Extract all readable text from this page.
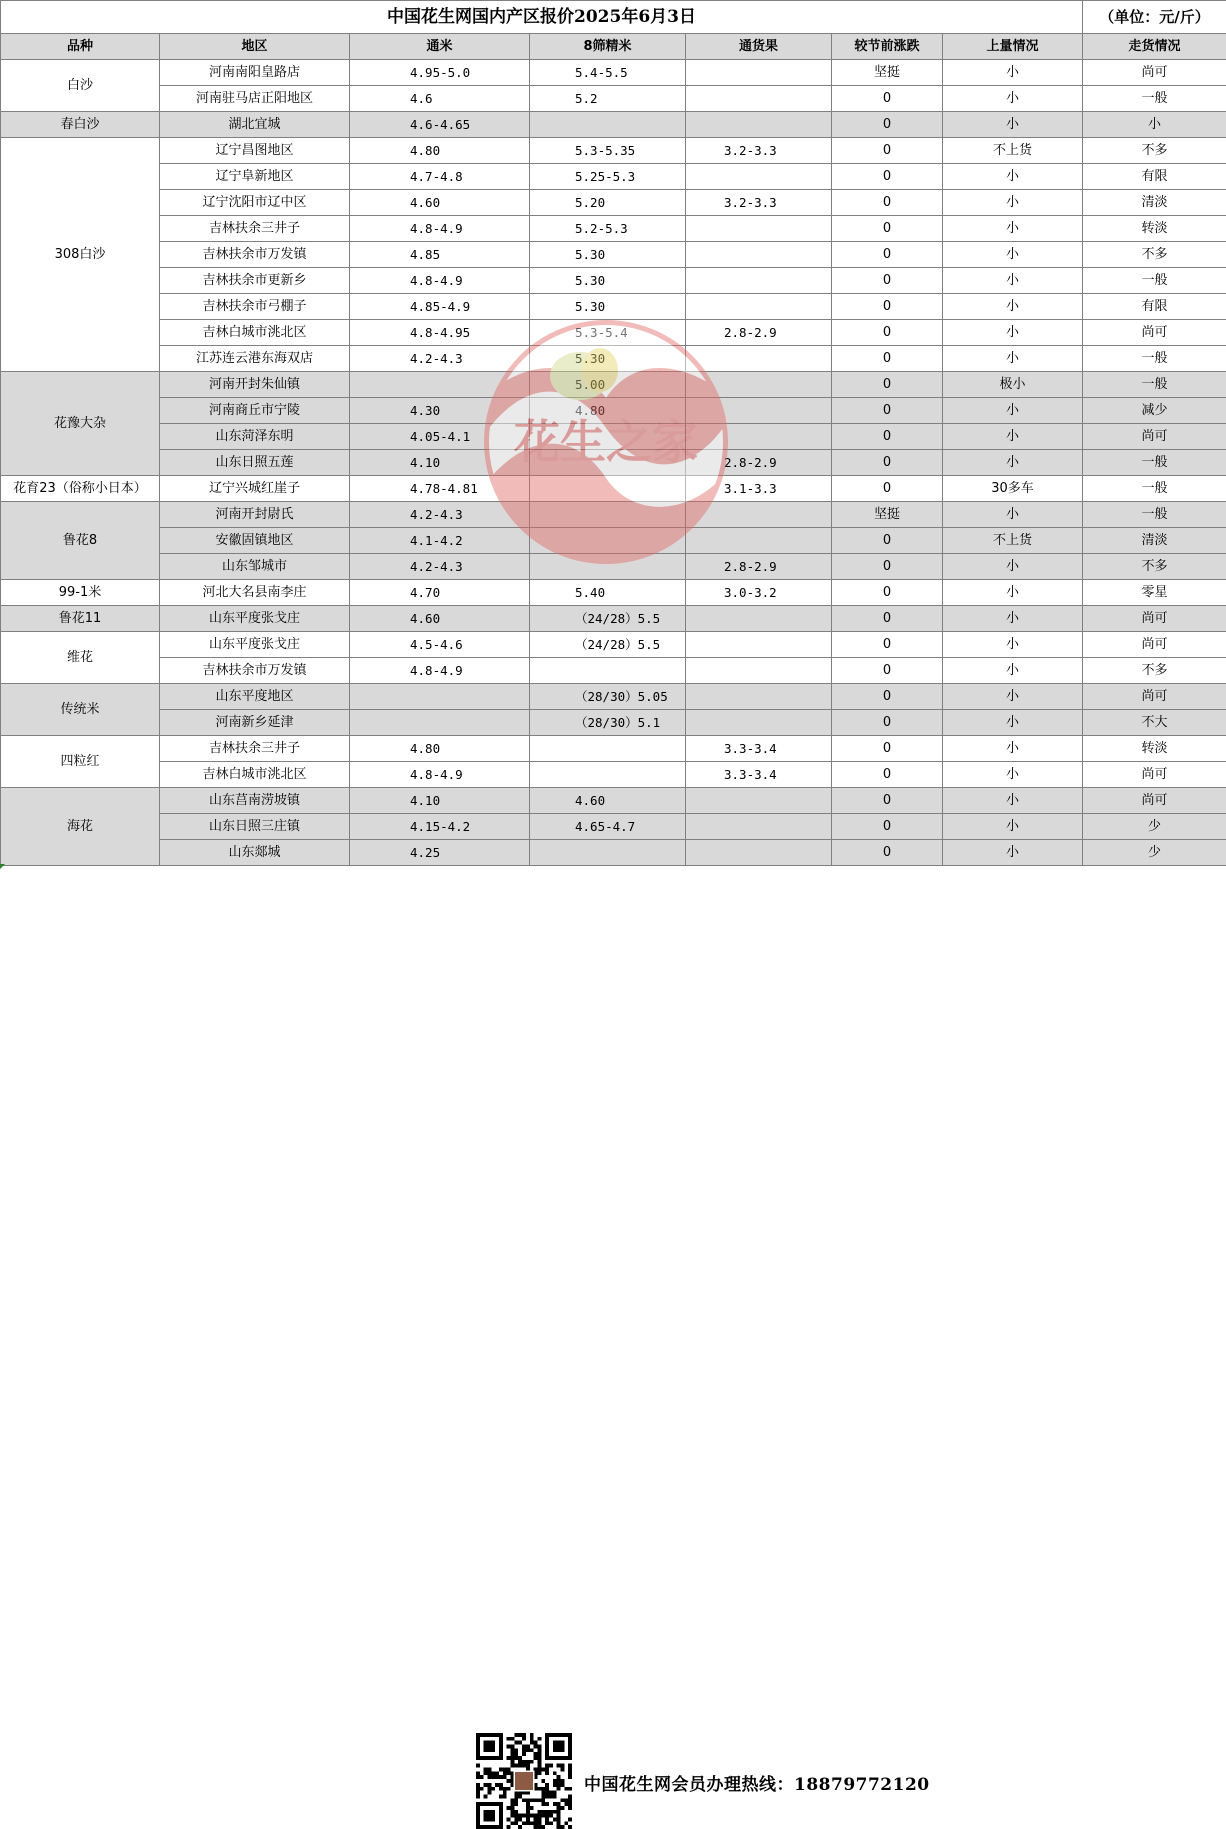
中国花生网国内产区报价2025年6月3日							（单位：元/斤）
品种	地区	通米	8筛精米	通货果	较节前涨跌	上量情况	走货情况
白沙	河南南阳皇路店	4.95-5.0	5.4-5.5		坚挺	小	尚可
	河南驻马店正阳地区	4.6	5.2		0	小	一般
春白沙	湖北宜城	4.6-4.65			0	小	小
308白沙	辽宁昌图地区	4.80	5.3-5.35	3.2-3.3	0	不上货	不多
	辽宁阜新地区	4.7-4.8	5.25-5.3		0	小	有限
	辽宁沈阳市辽中区	4.60	5.20	3.2-3.3	0	小	清淡
	吉林扶余三井子	4.8-4.9	5.2-5.3		0	小	转淡
	吉林扶余市万发镇	4.85	5.30		0	小	不多
	吉林扶余市更新乡	4.8-4.9	5.30		0	小	一般
	吉林扶余市弓棚子	4.85-4.9	5.30		0	小	有限
	吉林白城市洮北区	4.8-4.95	5.3-5.4	2.8-2.9	0	小	尚可
	江苏连云港东海双店	4.2-4.3	5.30		0	小	一般
花豫大杂	河南开封朱仙镇		5.00		0	极小	一般
	河南商丘市宁陵	4.30	4.80		0	小	减少
	山东菏泽东明	4.05-4.1			0	小	尚可
	山东日照五莲	4.10		2.8-2.9	0	小	一般
花育23（俗称小日本）	辽宁兴城红崖子	4.78-4.81		3.1-3.3	0	30多车	一般
鲁花8	河南开封尉氏	4.2-4.3			坚挺	小	一般
	安徽固镇地区	4.1-4.2			0	不上货	清淡
	山东邹城市	4.2-4.3		2.8-2.9	0	小	不多
99-1米	河北大名县南李庄	4.70	5.40	3.0-3.2	0	小	零星
鲁花11	山东平度张戈庄	4.60	（24/28）5.5		0	小	尚可
维花	山东平度张戈庄	4.5-4.6	（24/28）5.5		0	小	尚可
	吉林扶余市万发镇	4.8-4.9			0	小	不多
传统米	山东平度地区		（28/30）5.05		0	小	尚可
	河南新乡延津		（28/30）5.1		0	小	不大
四粒红	吉林扶余三井子	4.80		3.3-3.4	0	小	转淡
	吉林白城市洮北区	4.8-4.9		3.3-3.4	0	小	尚可
海花	山东莒南涝坡镇	4.10	4.60		0	小	尚可
	山东日照三庄镇	4.15-4.2	4.65-4.7		0	小	少
	山东郯城	4.25			0	小	少
花生之家
中国花生网会员办理热线：18879772120
